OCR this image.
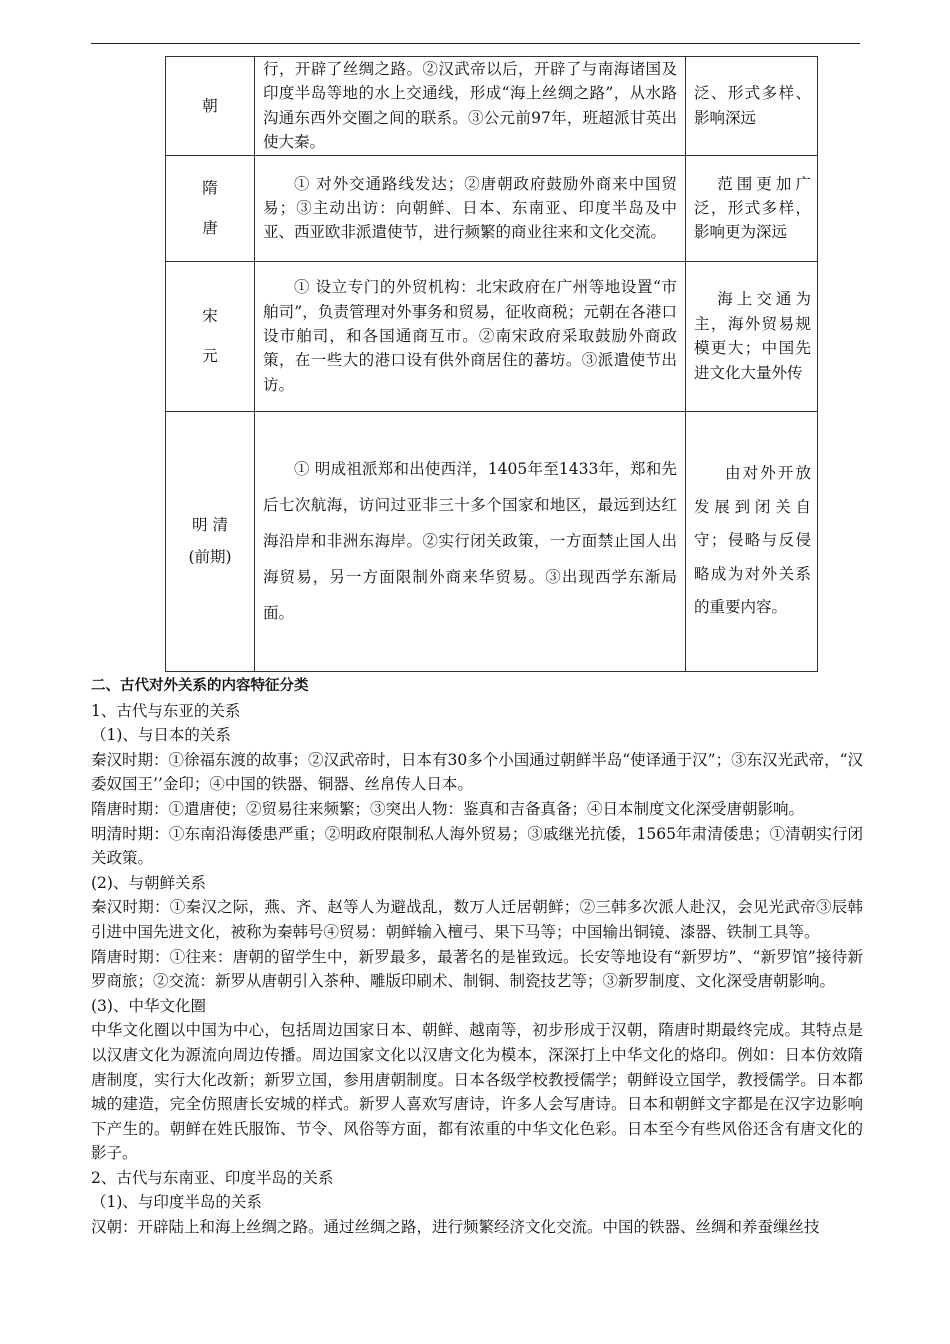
朝	行，开辟了丝绸之路。②汉武帝以后，开辟了与南海诸国及印度半岛等地的水上交通线，形成“海上丝绸之路”，从水路沟通东西外交圈之间的联系。③公元前97年，班超派甘英出使大秦。	泛、形式多样、影响深远

隋
唐	① 对外交通路线发达；②唐朝政府鼓励外商来中国贸易；③主动出访：向朝鲜、日本、东南亚、印度半岛及中亚、西亚欧非派遣使节，进行频繁的商业往来和文化交流。	范围更加广泛，形式多样，影响更为深远

宋
元	① 设立专门的外贸机构：北宋政府在广州等地设置“市舶司”，负责管理对外事务和贸易，征收商税；元朝在各港口设市舶司，和各国通商互市。②南宋政府采取鼓励外商政策，在一些大的港口设有供外商居住的蕃坊。③派遣使节出访。	海上交通为主，海外贸易规模更大；中国先进文化大量外传

明 清
(前期)	① 明成祖派郑和出使西洋，1405年至1433年，郑和先后七次航海，访问过亚非三十多个国家和地区，最远到达红海沿岸和非洲东海岸。②实行闭关政策，一方面禁止国人出海贸易，另一方面限制外商来华贸易。③出现西学东渐局面。	由对外开放发展到闭关自守；侵略与反侵略成为对外关系的重要内容。

二、古代对外关系的内容特征分类

1、古代与东亚的关系

（1)、与日本的关系

秦汉时期：①徐福东渡的故事；②汉武帝时，日本有30多个小国通过朝鲜半岛“使译通于汉”；③东汉光武帝，“汉委奴国王’’金印；④中国的铁器、铜器、丝帛传人日本。

隋唐时期：①遣唐使；②贸易往来频繁；③突出人物：鉴真和吉备真备；④日本制度文化深受唐朝影响。

明清时期：①东南沿海倭患严重；②明政府限制私人海外贸易；③戚继光抗倭，1565年肃清倭患；①清朝实行闭关政策。

(2)、与朝鲜关系

秦汉时期：①秦汉之际，燕、齐、赵等人为避战乱，数万人迁居朝鲜；②三韩多次派人赴汉，会见光武帝③辰韩引进中国先进文化，被称为秦韩号④贸易：朝鲜输入檀弓、果下马等；中国输出铜镜、漆器、铁制工具等。

隋唐时期：①往来：唐朝的留学生中，新罗最多，最著名的是崔致远。长安等地设有“新罗坊”、“新罗馆”接待新罗商旅；②交流：新罗从唐朝引入茶种、雕版印刷术、制铜、制瓷技艺等；③新罗制度、文化深受唐朝影响。

(3)、中华文化圈

中华文化圈以中国为中心，包括周边国家日本、朝鲜、越南等，初步形成于汉朝，隋唐时期最终完成。其特点是以汉唐文化为源流向周边传播。周边国家文化以汉唐文化为模本，深深打上中华文化的烙印。例如：日本仿效隋唐制度，实行大化改新；新罗立国，参用唐朝制度。日本各级学校教授儒学；朝鲜设立国学，教授儒学。日本都城的建造，完全仿照唐长安城的样式。新罗人喜欢写唐诗，许多人会写唐诗。日本和朝鲜文字都是在汉字边影响下产生的。朝鲜在姓氏服饰、节令、风俗等方面，都有浓重的中华文化色彩。日本至今有些风俗还含有唐文化的影子。

2、古代与东南亚、印度半岛的关系

（1)、与印度半岛的关系

汉朝：开辟陆上和海上丝绸之路。通过丝绸之路，进行频繁经济文化交流。中国的铁器、丝绸和养蚕缫丝技
